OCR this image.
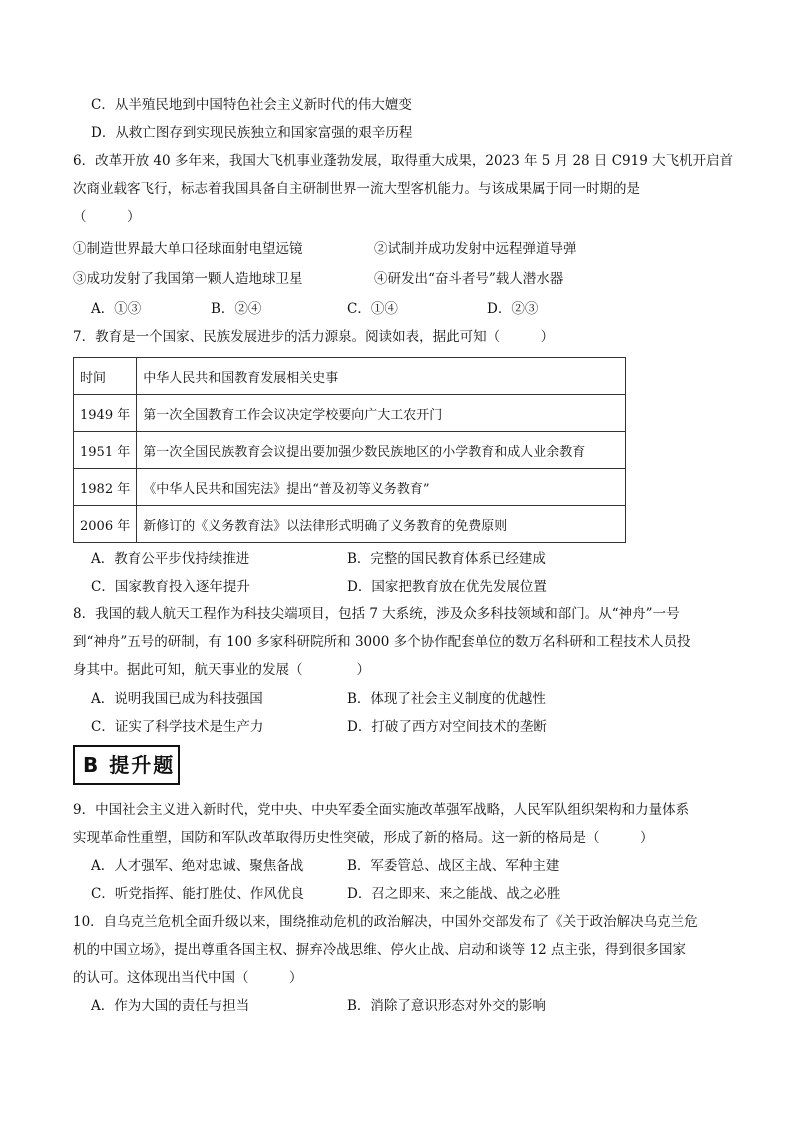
C．从半殖民地到中国特色社会主义新时代的伟大嬗变
D．从救亡图存到实现民族独立和国家富强的艰辛历程
6．改革开放 40 多年来，我国大飞机事业蓬勃发展，取得重大成果，2023 年 5 月 28 日 C919 大飞机开启首
次商业载客飞行，标志着我国具备自主研制世界一流大型客机能力。与该成果属于同一时期的是
（　　　）
①制造世界最大单口径球面射电望远镜	②试制并成功发射中远程弹道导弹
③成功发射了我国第一颗人造地球卫星	④研发出“奋斗者号”载人潜水器
A．①③	B．②④	C．①④	D．②③
7．教育是一个国家、民族发展进步的活力源泉。阅读如表，据此可知（　　　）
时间	中华人民共和国教育发展相关史事
1949 年	第一次全国教育工作会议决定学校要向广大工农开门
1951 年	第一次全国民族教育会议提出要加强少数民族地区的小学教育和成人业余教育
1982 年	《中华人民共和国宪法》提出“普及初等义务教育”
2006 年	新修订的《义务教育法》以法律形式明确了义务教育的免费原则
A．教育公平步伐持续推进	B．完整的国民教育体系已经建成
C．国家教育投入逐年提升	D．国家把教育放在优先发展位置
8．我国的载人航天工程作为科技尖端项目，包括 7 大系统，涉及众多科技领域和部门。从“神舟”一号
到“神舟”五号的研制，有 100 多家科研院所和 3000 多个协作配套单位的数万名科研和工程技术人员投
身其中。据此可知，航天事业的发展（　　　　）
A．说明我国已成为科技强国	B．体现了社会主义制度的优越性
C．证实了科学技术是生产力	D．打破了西方对空间技术的垄断
B 提升题
9．中国社会主义进入新时代，党中央、中央军委全面实施改革强军战略，人民军队组织架构和力量体系
实现革命性重塑，国防和军队改革取得历史性突破，形成了新的格局。这一新的格局是（　　　）
A．人才强军、绝对忠诚、聚焦备战	B．军委管总、战区主战、军种主建
C．听党指挥、能打胜仗、作风优良	D．召之即来、来之能战、战之必胜
10．自乌克兰危机全面升级以来，围绕推动危机的政治解决，中国外交部发布了《关于政治解决乌克兰危
机的中国立场》，提出尊重各国主权、摒弃冷战思维、停火止战、启动和谈等 12 点主张，得到很多国家
的认可。这体现出当代中国（　　　）
A．作为大国的责任与担当	B．消除了意识形态对外交的影响
